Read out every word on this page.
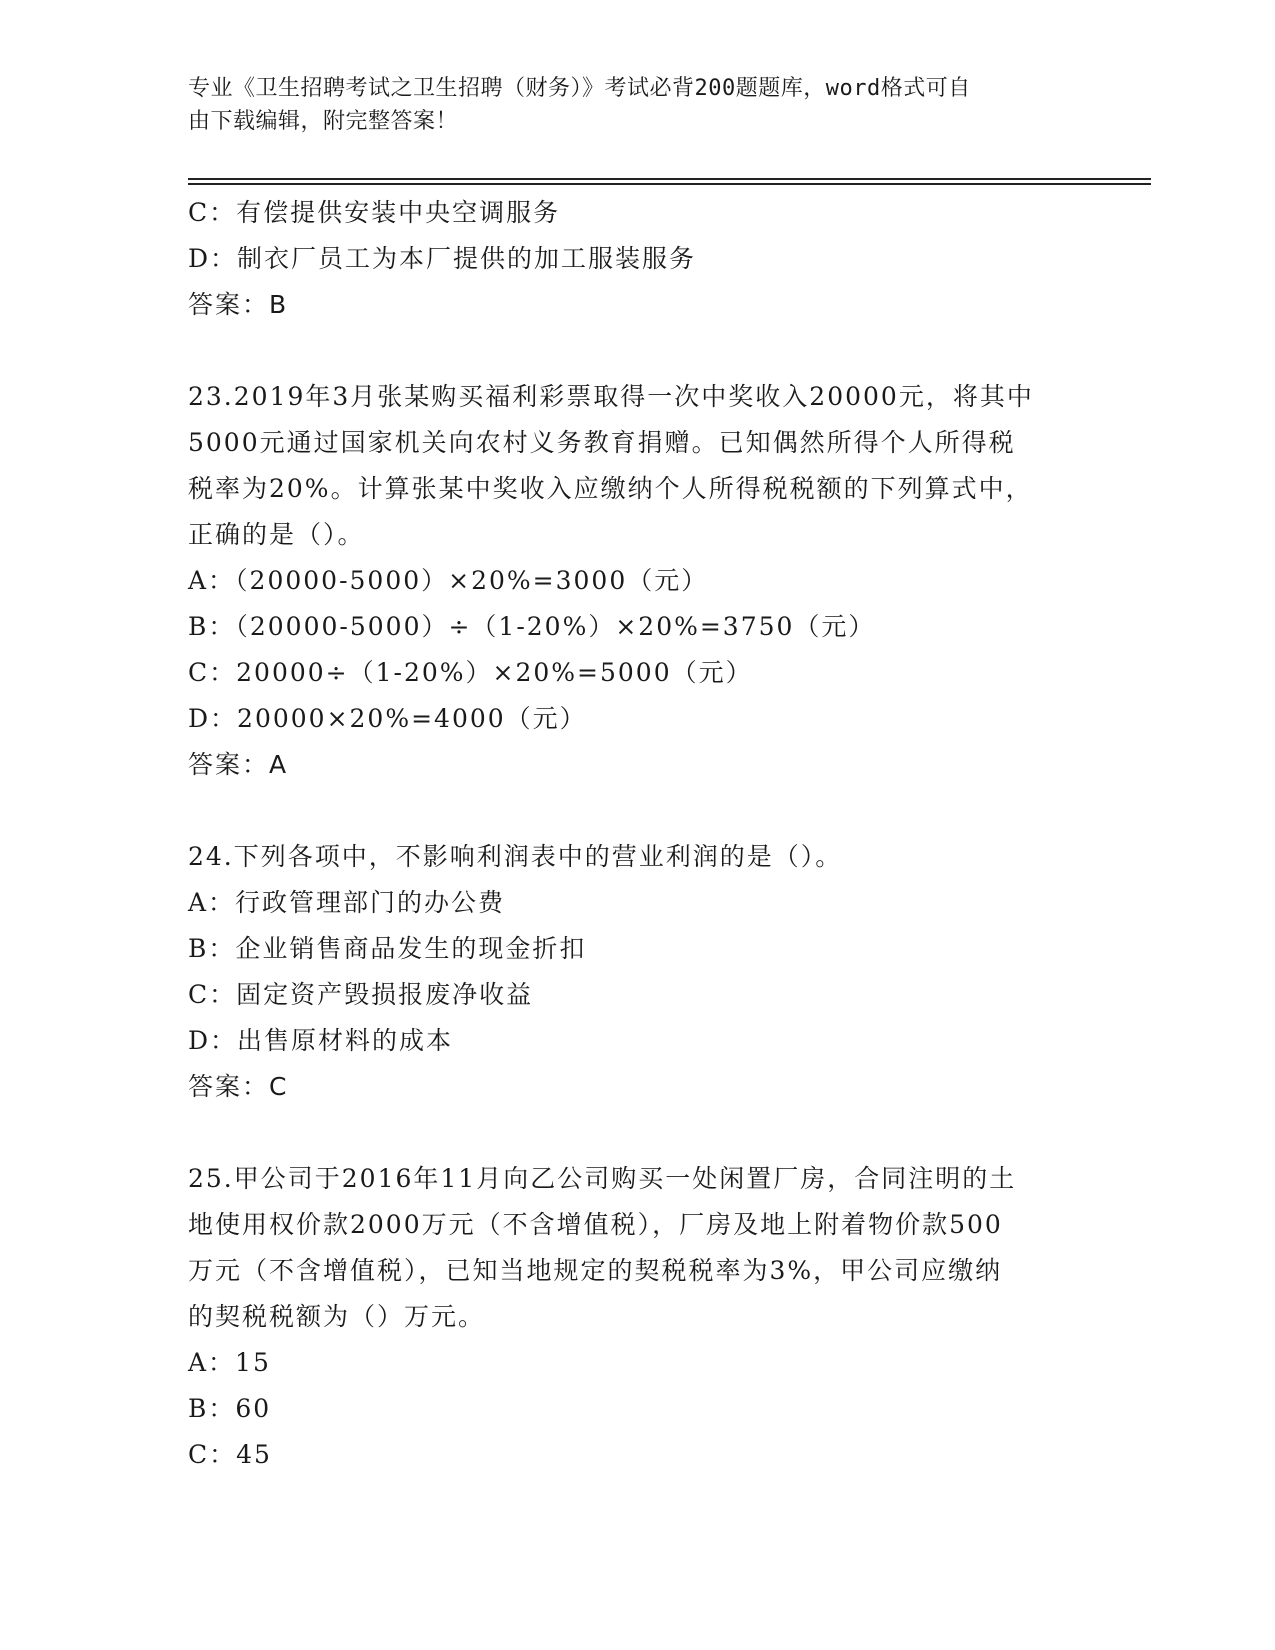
专业《卫生招聘考试之卫生招聘（财务）》考试必背200题题库，word格式可自
由下载编辑，附完整答案！
C：有偿提供安装中央空调服务
D：制衣厂员工为本厂提供的加工服装服务
答案：B
23.2019年3月张某购买福利彩票取得一次中奖收入20000元，将其中
5000元通过国家机关向农村义务教育捐赠。已知偶然所得个人所得税
税率为20%。计算张某中奖收入应缴纳个人所得税税额的下列算式中，
正确的是（）。
A：（20000-5000）×20%=3000（元）
B：（20000-5000）÷（1-20%）×20%=3750（元）
C：20000÷（1-20%）×20%=5000（元）
D：20000×20%=4000（元）
答案：A
24.下列各项中，不影响利润表中的营业利润的是（）。
A：行政管理部门的办公费
B：企业销售商品发生的现金折扣
C：固定资产毁损报废净收益
D：出售原材料的成本
答案：C
25.甲公司于2016年11月向乙公司购买一处闲置厂房，合同注明的土
地使用权价款2000万元（不含增值税），厂房及地上附着物价款500
万元（不含增值税），已知当地规定的契税税率为3%，甲公司应缴纳
的契税税额为（）万元。
A：15
B：60
C：45
